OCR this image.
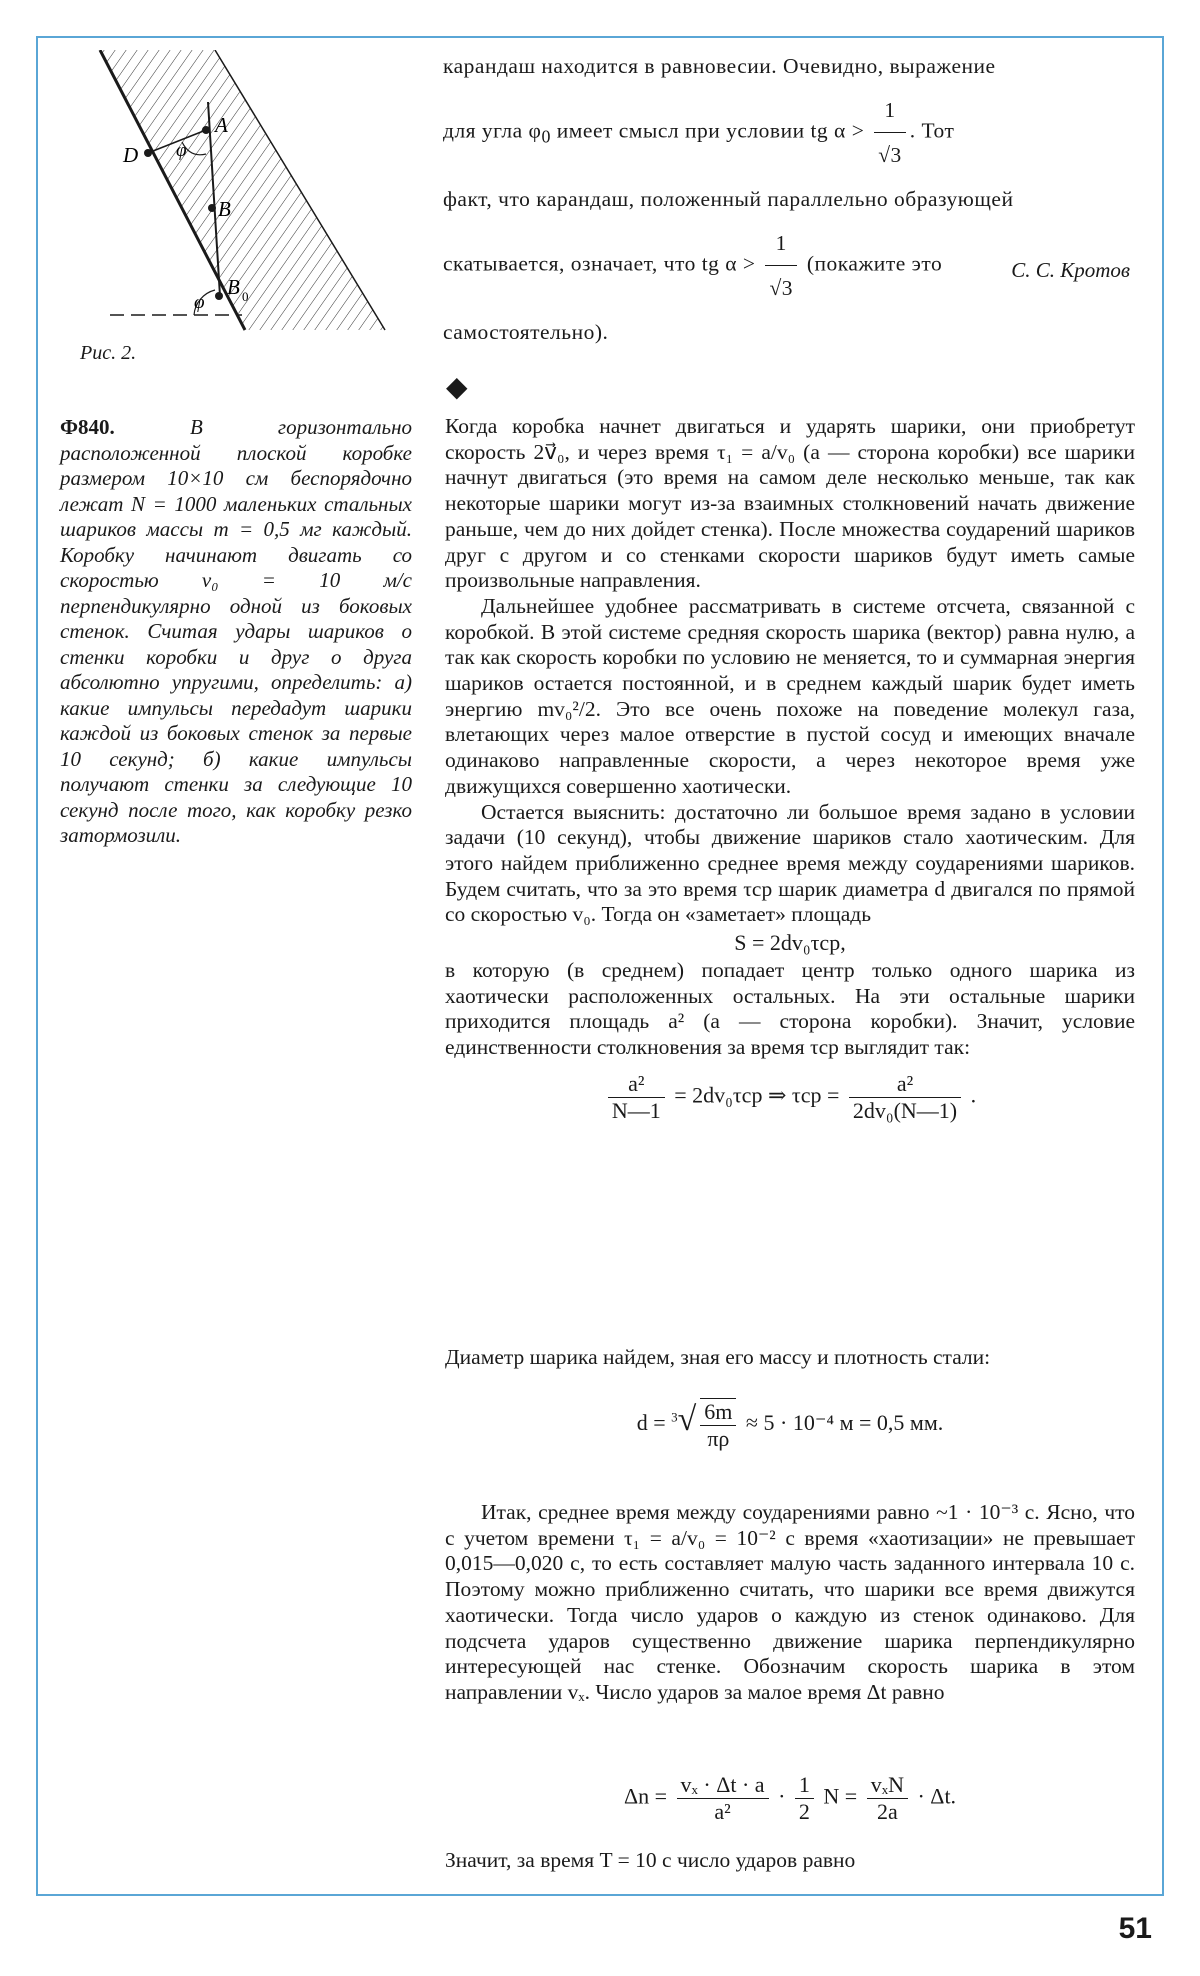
A
B
D φ
φ
B 0
Рис. 2.

карандаш находится в равновесии. Очевидно, выражение

для угла $\varphi_0$ имеет смысл при условии tg $\alpha > \frac{1}{√3}$ . Тот

факт, что карандаш, положенный параллельно образующей

скатывается, означает, что tg $\alpha > \frac{1}{√3}$ (покажите это

самостоятельно).

С. С. Кротов
Ф840.	В горизонтально расположенной плоской коробке размером 10×10 см беспорядочно лежат N = 1000 маленьких стальных шариков массы m = 0,5 мг каждый. Коробку начинают двигать со скоростью v₀ = 10 м/с перпендикулярно одной из боковых стенок. Считая удары шариков о стенки коробки и друг о друга абсолютно упругими, определить: а) какие импульсы передадут шарики каждой из боковых стенок за первые 10 секунд; б) какие импульсы получают стенки за следующие 10 секунд после того, как коробку резко затормозили.
◆

Когда коробка начнет двигаться и ударять шарики, они приобретут скорость 2v⃗₀, и через время τ₁ = a/v₀ (a — сторона коробки) все шарики начнут двигаться (это время на самом деле несколько меньше, так как некоторые шарики могут из-за взаимных столкновений начать движение раньше, чем до них дойдет стенка). После множества соударений шариков друг с другом и со стенками скорости шариков будут иметь самые произвольные направления.

Дальнейшее удобнее рассматривать в системе отсчета, связанной с коробкой. В этой системе средняя скорость шарика (вектор) равна нулю, а так как скорость коробки по условию не меняется, то и суммарная энергия шариков остается постоянной, и в среднем каждый шарик будет иметь энергию mv₀²/2. Это все очень похоже на поведение молекул газа, влетающих через малое отверстие в пустой сосуд и имеющих вначале одинаково направленные скорости, а через некоторое время уже движущихся совершенно хаотически.

Остается выяснить: достаточно ли большое время задано в условии задачи (10 секунд), чтобы движение шариков стало хаотическим. Для этого найдем приближенно среднее время между соударениями шариков. Будем считать, что за это время τср шарик диаметра d двигался по прямой со скоростью v₀. Тогда он «заметает» площадь

S = 2dv₀τср,

в которую (в среднем) попадает центр только одного шарика из хаотически расположенных остальных. На эти остальные шарики приходится площадь a² (a — сторона коробки). Значит, условие единственности столкновения за время τср выглядит так:

$\frac{\text{a²}}{N—1} = 2dv_0\tau ср$ ⇒ $\tau ср = \frac{\text{a²}}{\text{2dv₀(N—1)}}$ .

Диаметр шарика найдем, зная его массу и плотность стали:

$d = ^3√ \frac{6m}{\pi\rho} \approx 5 \cdot 10^{-4}$ м = 0,5 мм.

Итак, среднее время между соударениями равно ~1 · 10⁻³ с. Ясно, что с учетом времени τ₁ = a/v₀ = 10⁻² с время «хаотизации» не превышает 0,015—0,020 с, то есть составляет малую часть заданного интервала 10 с. Поэтому можно приближенно считать, что шарики все время движутся хаотически. Тогда число ударов о каждую из стенок одинаково. Для подсчета ударов существенно движение шарика перпендикулярно интересующей нас стенке. Обозначим скорость шарика в этом направлении vₓ. Число ударов за малое время Δt равно

$\Delta n = \frac{\text{vₓ · Δt · a}}{\text{a²}} \cdot \frac{1}{2}$ $N = \frac{\text{vₓN}}{2a} \cdot \Delta t$.

Значит, за время T = 10 с число ударов равно

51
